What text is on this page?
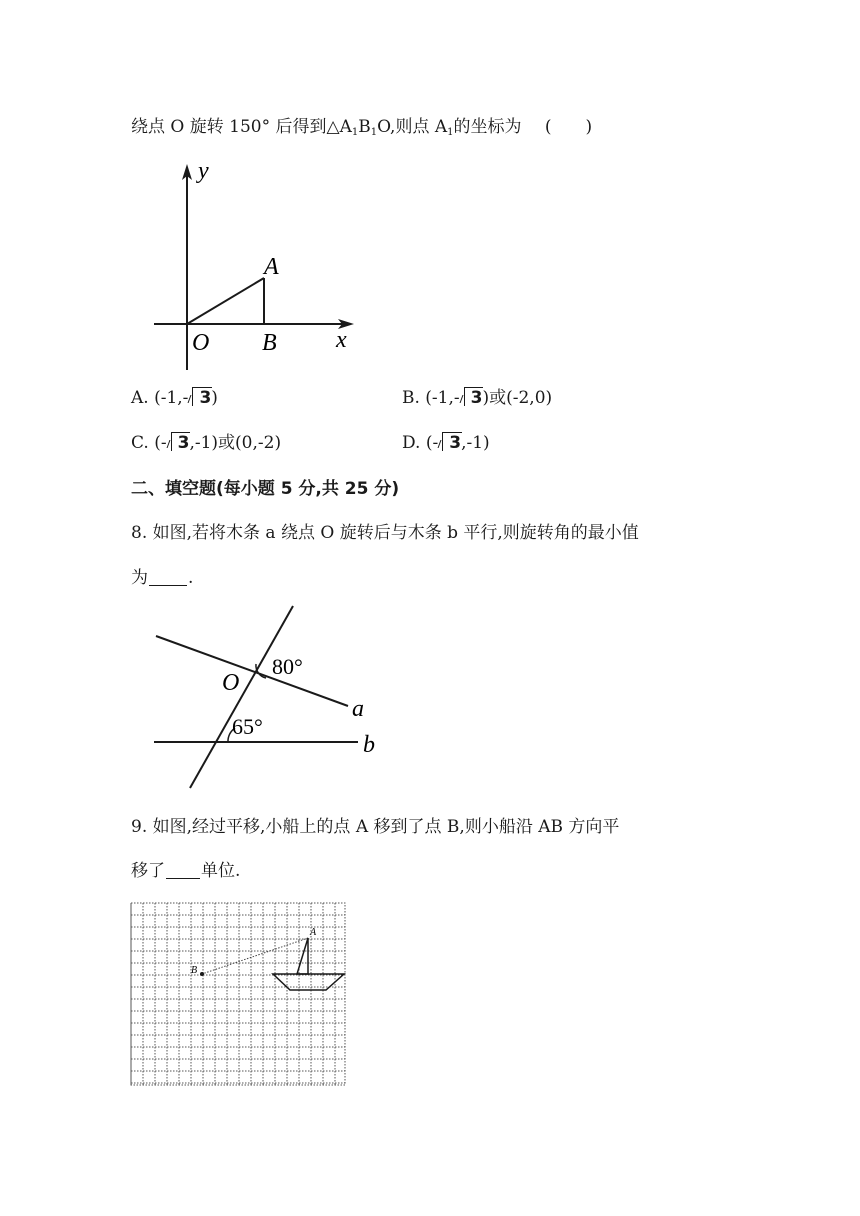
绕点 O 旋转 150° 后得到$\triangle A_1B_1O$,则点 $A_1$的坐标为 (　　)
y
x
O
A
B
A. (-1,- 3)	B. (-1,- 3)或(-2,0)
C. (- 3,-1)或(0,-2)	D. (- 3,-1)
二、填空题(每小题 5 分,共 25 分)
8. 如图,若将木条 a 绕点 O 旋转后与木条 b 平行,则旋转角的最小值
为 .
O
80°
65°
a
b
9. 如图,经过平移,小船上的点 A 移到了点 B,则小船沿 AB 方向平
移了 单位.
A
B
